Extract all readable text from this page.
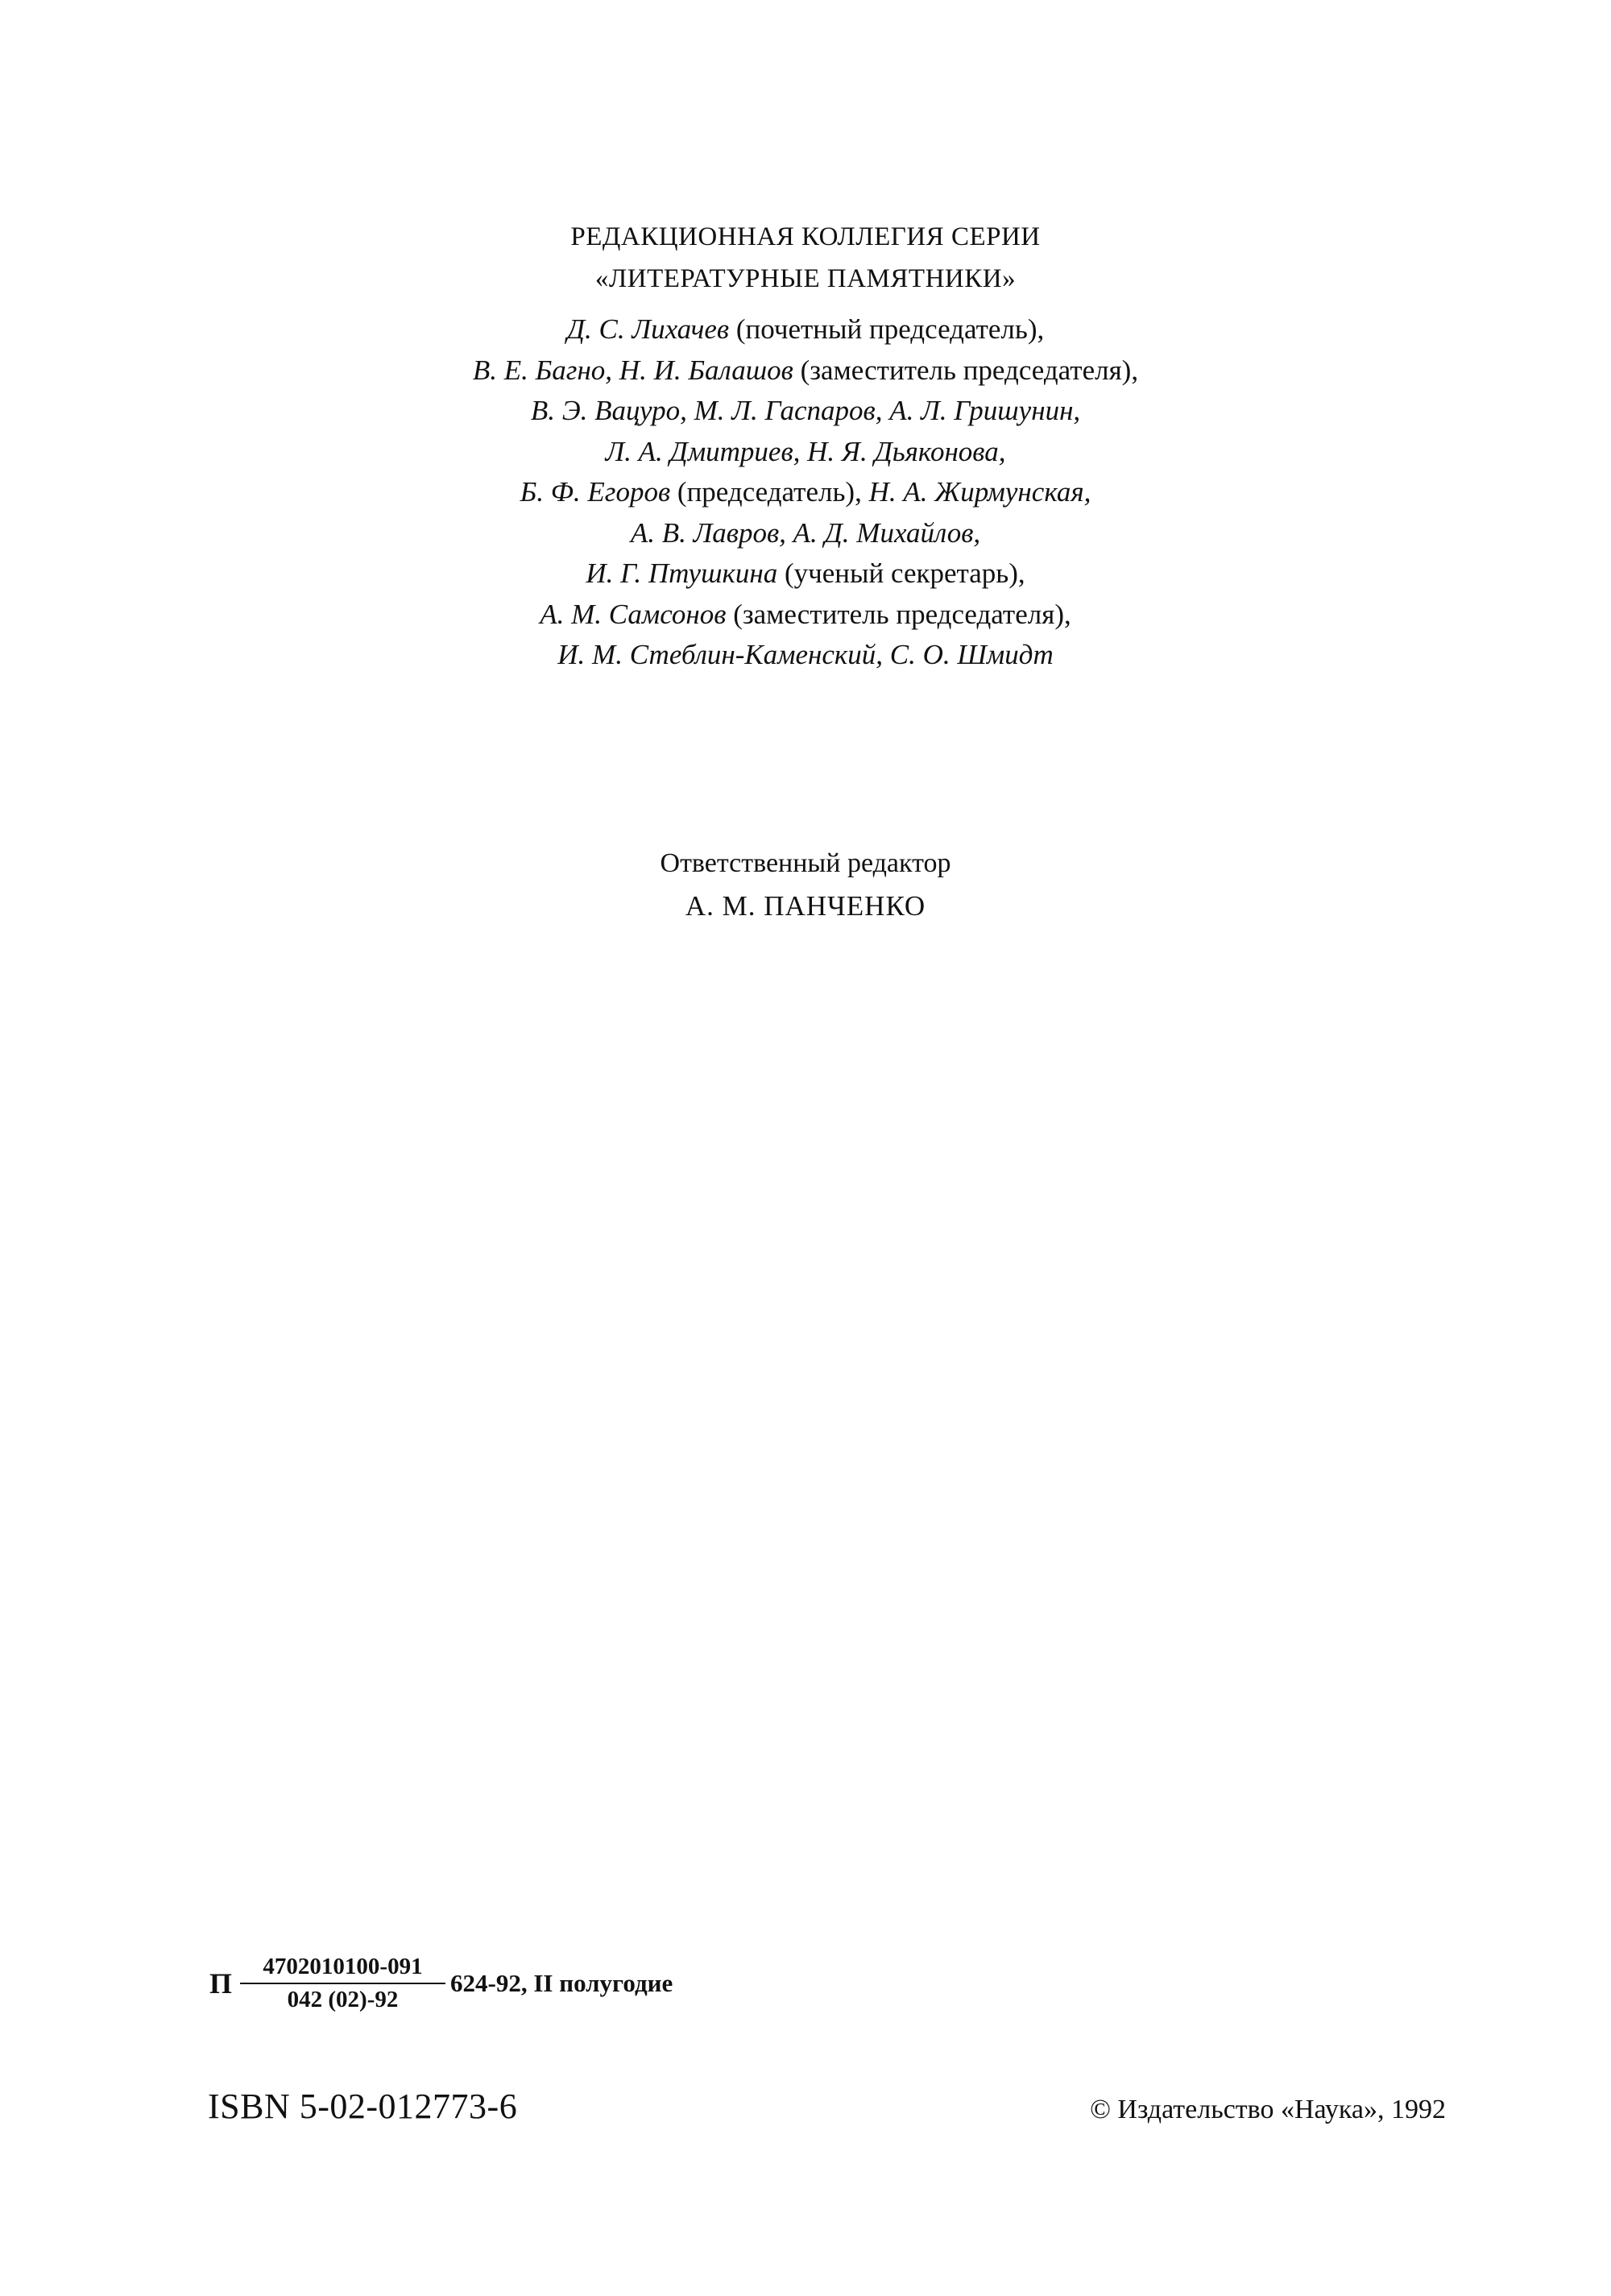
РЕДАКЦИОННАЯ КОЛЛЕГИЯ СЕРИИ

«ЛИТЕРАТУРНЫЕ ПАМЯТНИКИ»

Д. С. Лихачев (почетный председатель),

В. Е. Багно, Н. И. Балашов (заместитель председателя),

В. Э. Вацуро, М. Л. Гаспаров, А. Л. Гришунин,

Л. А. Дмитриев, Н. Я. Дьяконова,

Б. Ф. Егоров (председатель), Н. А. Жирмунская,

А. В. Лавров, А. Д. Михайлов,

И. Г. Птушкина (ученый секретарь),

А. М. Самсонов (заместитель председателя),

И. М. Стеблин-Каменский, С. О. Шмидт

Ответственный редактор

А. М. ПАНЧЕНКО

П $\frac{4702010100-091}{042 (02)-92} 624-92$, II полугодие
ISBN 5-02-012773-6	© Издательство «Наука», 1992
